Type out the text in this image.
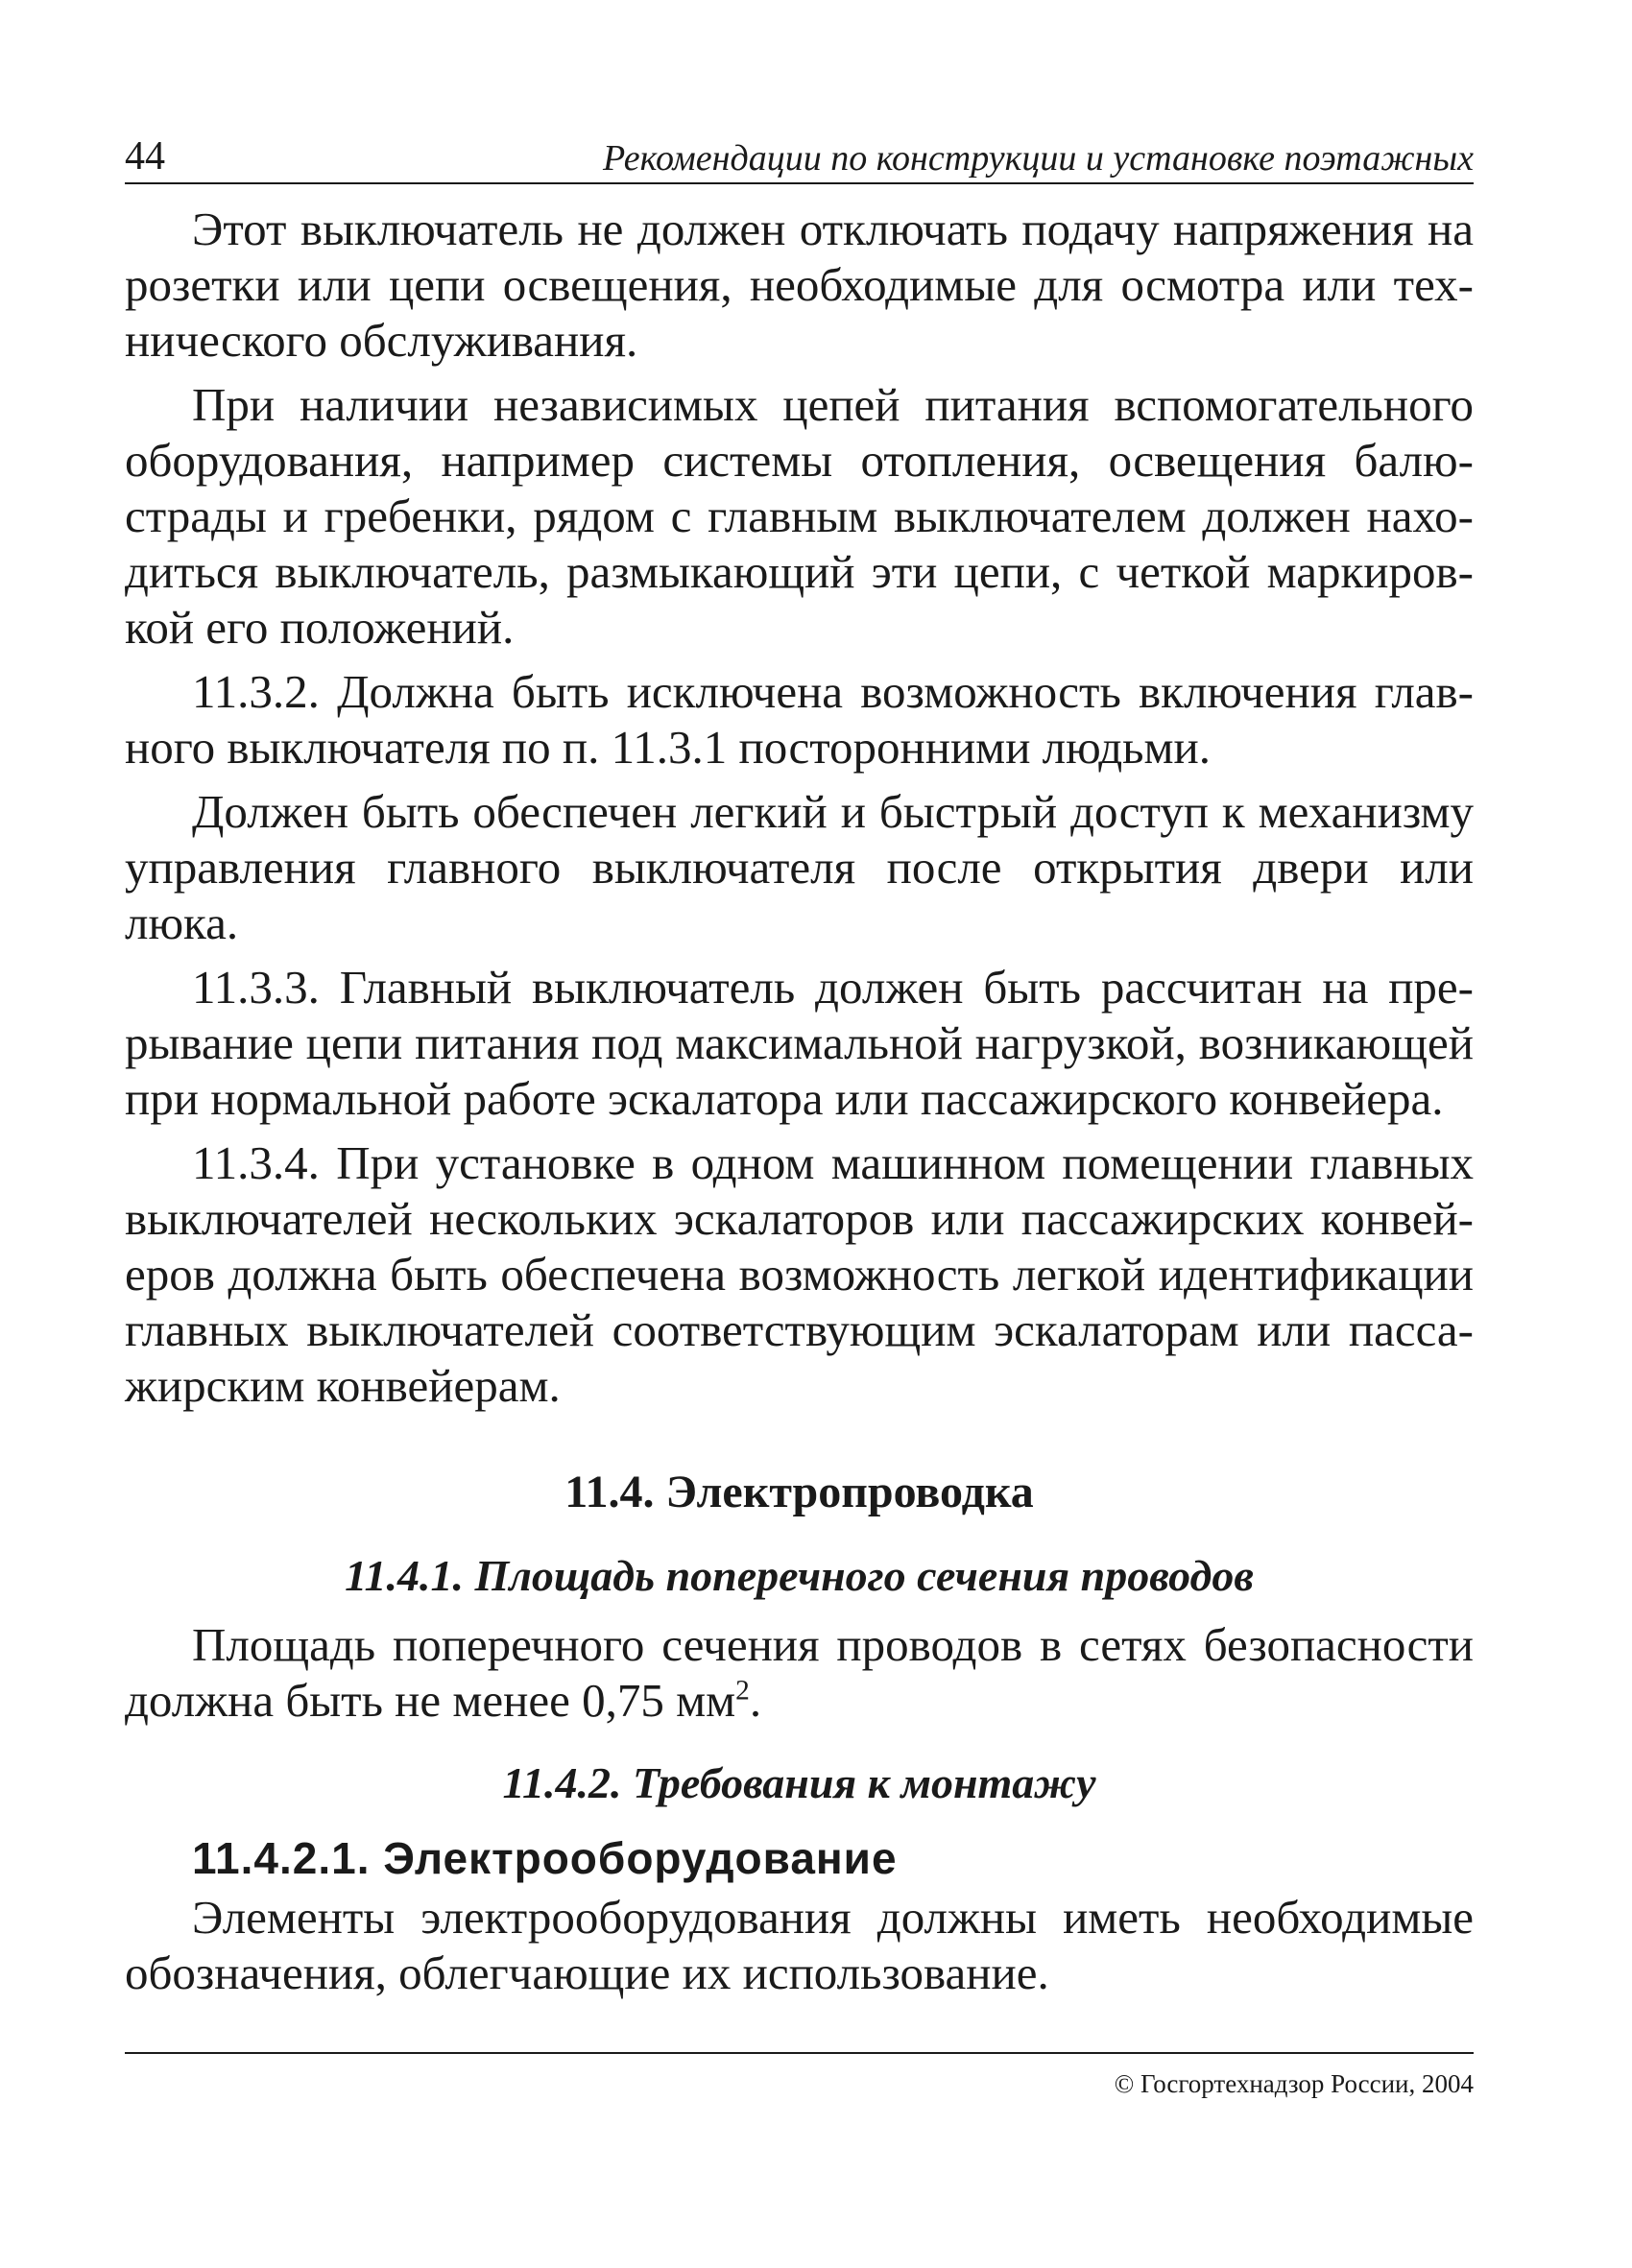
44	Рекомендации по конструкции и установке поэтажных

Этот выключатель не должен отключать подачу напряжения на розетки или цепи освещения, необходимые для осмотра или технического обслуживания.

При наличии независимых цепей питания вспомогательного оборудования, например системы отопления, освещения балюстрады и гребенки, рядом с главным выключателем должен находиться выключатель, размыкающий эти цепи, с четкой маркировкой его положений.

11.3.2. Должна быть исключена возможность включения главного выключателя по п. 11.3.1 посторонними людьми.

Должен быть обеспечен легкий и быстрый доступ к механизму управления главного выключателя после открытия двери или люка.

11.3.3. Главный выключатель должен быть рассчитан на прерывание цепи питания под максимальной нагрузкой, возникающей при нормальной работе эскалатора или пассажирского конвейера.

11.3.4. При установке в одном машинном помещении главных выключателей нескольких эскалаторов или пассажирских конвейеров должна быть обеспечена возможность легкой идентификации главных выключателей соответствующим эскалаторам или пассажирским конвейерам.

11.4. Электропроводка
11.4.1. Площадь поперечного сечения проводов

Площадь поперечного сечения проводов в сетях безопасности должна быть не менее 0,75 $мм^2$.

11.4.2. Требования к монтажу
11.4.2.1. Электрооборудование

Элементы электрооборудования должны иметь необходимые обозначения, облегчающие их использование.

© Госгортехнадзор России, 2004
